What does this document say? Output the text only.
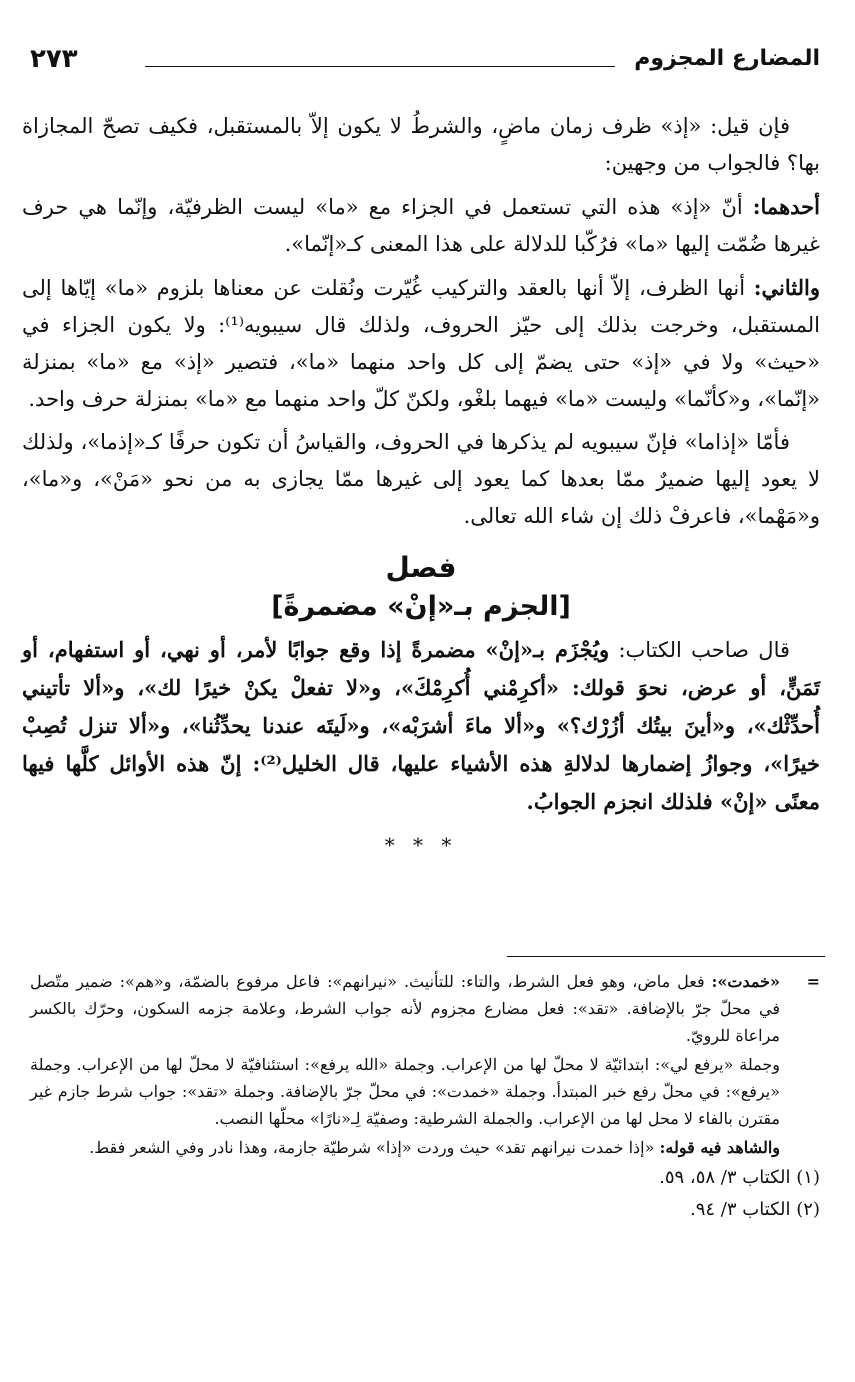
المضارع المجزوم
٢٧٣

فإن قيل: «إذ» ظرف زمان ماضٍ، والشرطُ لا يكون إلاّ بالمستقبل، فكيف تصحّ المجازاة بها؟ فالجواب من وجهين:

أحدهما: أنّ «إذ» هذه التي تستعمل في الجزاء مع «ما» ليست الظرفيّة، وإنّما هي حرف غيرها ضُمّت إليها «ما» فرُكّبا للدلالة على هذا المعنى كـ«إنّما».

والثاني: أنها الظرف، إلاّ أنها بالعقد والتركيب غُيّرت ونُقلت عن معناها بلزوم «ما» إيّاها إلى المستقبل، وخرجت بذلك إلى حيّز الحروف، ولذلك قال سيبويه⁽¹⁾: ولا يكون الجزاء في «حيث» ولا في «إذ» حتى يضمّ إلى كل واحد منهما «ما»، فتصير «إذ» مع «ما» بمنزلة «إنّما»، و«كأنّما» وليست «ما» فيهما بلغْو، ولكنّ كلّ واحد منهما مع «ما» بمنزلة حرف واحد.

فأمّا «إذاما» فإنّ سيبويه لم يذكرها في الحروف، والقياسُ أن تكون حرفًا كـ«إذما»، ولذلك لا يعود إليها ضميرٌ ممّا بعدها كما يعود إلى غيرها ممّا يجازى به من نحو «مَنْ»، و«ما»، و«مَهْما»، فاعرفْ ذلك إن شاء الله تعالى.

فصل
[الجزم بـ«إنْ» مضمرةً]

قال صاحب الكتاب: ويُجْزَم بـ«إنْ» مضمرةً إذا وقع جوابًا لأمر، أو نهي، أو استفهام، أو تَمَنٍّ، أو عرض، نحوَ قولك: «أكرِمْني أُكرِمْكَ»، و«لا تفعلْ يكنْ خيرًا لك»، و«ألا تأتيني أُحدِّثْك»، و«أينَ بيتُك أزُرْك؟» و«ألا ماءَ أشرَبْه»، و«لَيتَه عندنا يحدِّثُنا»، و«ألا تنزل تُصِبْ خيرًا»، وجوازُ إضمارها لدلالةِ هذه الأشياء عليها، قال الخليل⁽²⁾: إنّ هذه الأوائل كلَّها فيها معنًى «إنْ» فلذلك انجزم الجوابُ.

* * *
=

«خمدت»: فعل ماض، وهو فعل الشرط، والتاء: للتأنيث. «نيرانهم»: فاعل مرفوع بالضمّة، و«هم»: ضمير متّصل في محلّ جرّ بالإضافة. «تقد»: فعل مضارع مجزوم لأنه جواب الشرط، وعلامة جزمه السكون، وحرّك بالكسر مراعاة للرويّ.

وجملة «يرفع لي»: ابتدائيّة لا محلّ لها من الإعراب. وجملة «الله يرفع»: استئنافيّة لا محلّ لها من الإعراب. وجملة «يرفع»: في محلّ رفع خبر المبتدأ. وجملة «خمدت»: في محلّ جرّ بالإضافة. وجملة «تقد»: جواب شرط جازم غير مقترن بالفاء لا محل لها من الإعراب. والجملة الشرطية: وصفيّة لِـ«نارًا» محلّها النصب.

والشاهد فيه قوله: «إذا خمدت نيرانهم تقد» حيث وردت «إذا» شرطيّة جازمة، وهذا نادر وفي الشعر فقط.

(١) الكتاب ٣/ ٥٨، ٥٩.

(٢) الكتاب ٣/ ٩٤.
